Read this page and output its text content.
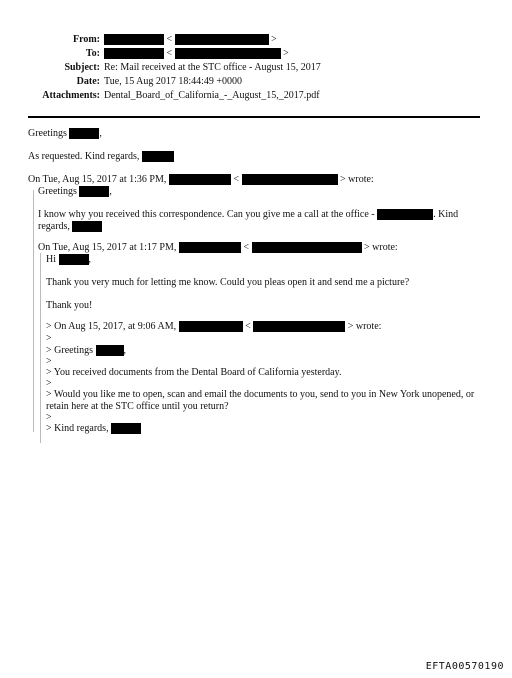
From:	<	>
To:	<	>
Subject: Re: Mail received at the STC office - August 15, 2017
Date: Tue, 15 Aug 2017 18:44:49 +0000
Attachments: Dental_Board_of_California_-_August_15,_2017.pdf
Greetings	,
As requested. Kind regards,
On Tue, Aug 15, 2017 at 1:36 PM,	<	> wrote:
Greetings	,
I know why you received this correspondence. Can you give me a call at the office -	. Kind
regards,
On Tue, Aug 15, 2017 at 1:17 PM,	<	> wrote:
Hi	,
Thank you very much for letting me know. Could you pleas open it and send me a picture?
Thank you!
> On Aug 15, 2017, at 9:06 AM,	<	> wrote:
>
> Greetings	,
>
> You received documents from the Dental Board of California yesterday.
>
> Would you like me to open, scan and email the documents to you, send to you in New York unopened, or
retain here at the STC office until you return?
>
> Kind regards,
EFTA00570190
